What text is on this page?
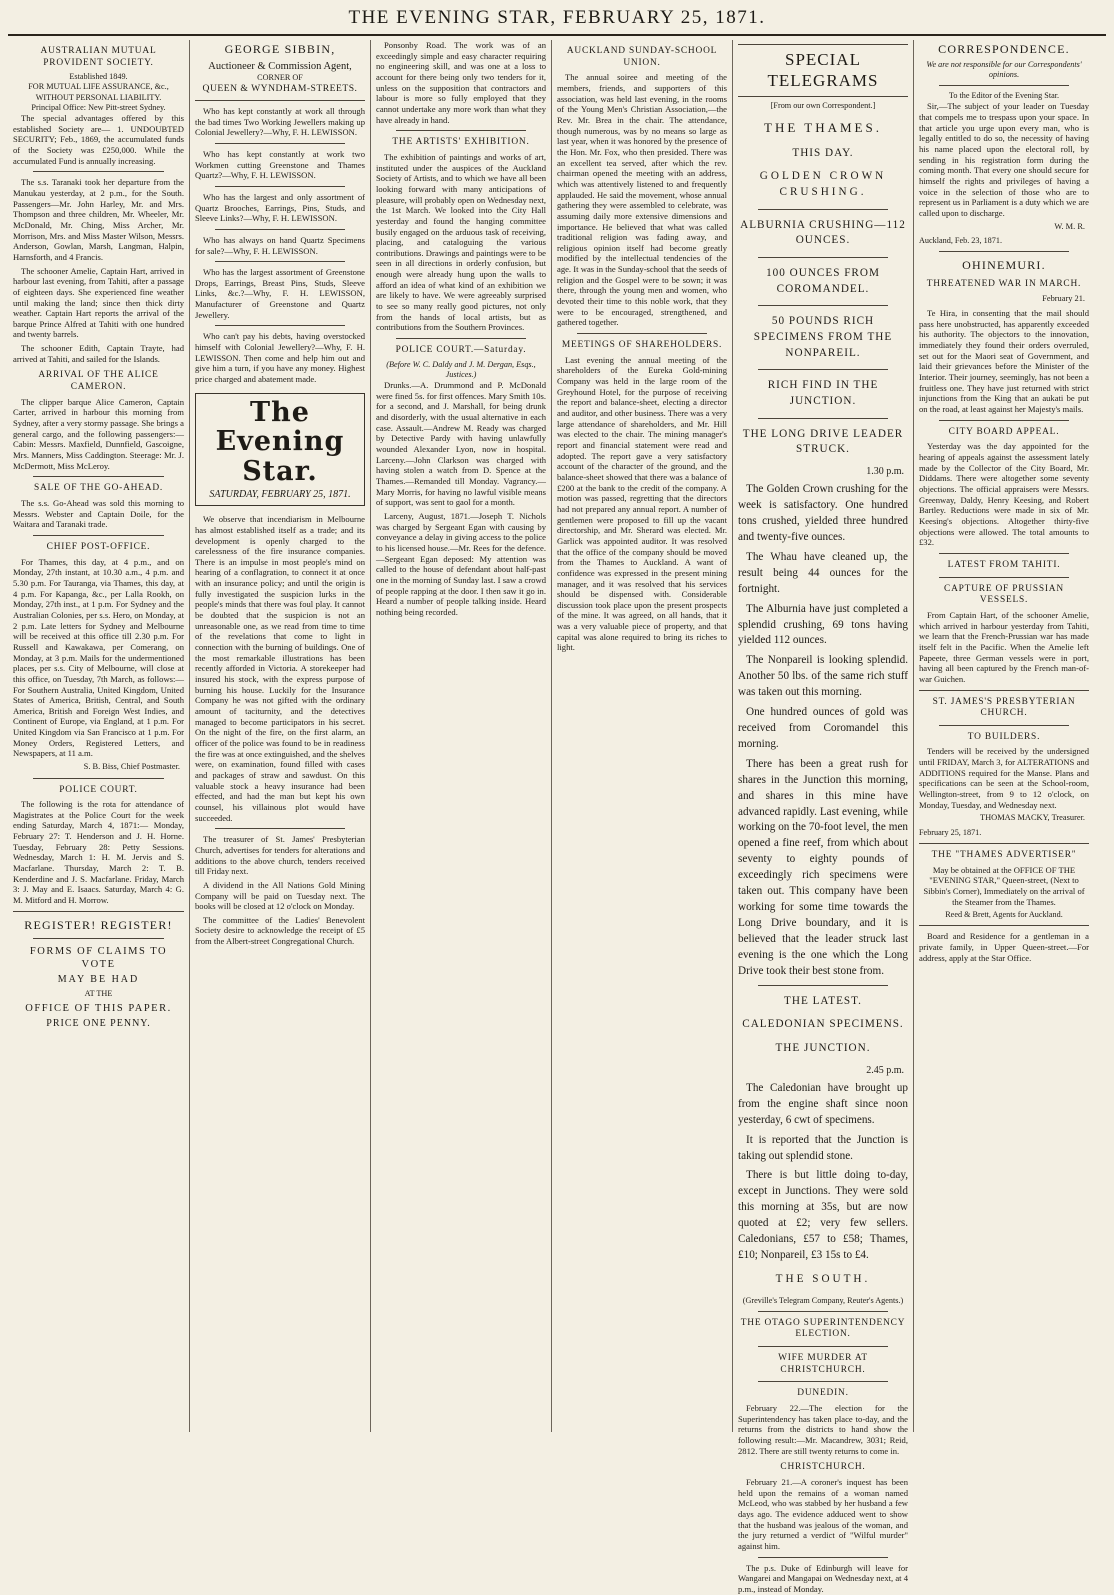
THE EVENING STAR, FEBRUARY 25, 1871.
AUSTRALIAN MUTUAL PROVIDENT SOCIETY.
Established 1849.
FOR MUTUAL LIFE ASSURANCE, &c.,
WITHOUT PERSONAL LIABILITY.
Principal Office: New Pitt-street Sydney.

The special advantages offered by this established Society are— 1. UNDOUBTED SECURITY; Feb., 1869, the accumulated funds of the Society was £250,000. While the accumulated Fund is annually increasing.

The s.s. Taranaki took her departure from the Manukau yesterday, at 2 p.m., for the South. Passengers—Mr. John Harley, Mr. and Mrs. Thompson and three children, Mr. Wheeler, Mr. McDonald, Mr. Ching, Miss Archer, Mr. Morrison, Mrs. and Miss Master Wilson, Messrs. Anderson, Gowlan, Marsh, Langman, Halpin, Harnsforth, and 4 Francis.

The schooner Amelie, Captain Hart, arrived in harbour last evening, from Tahiti, after a passage of eighteen days. She experienced fine weather until making the land; since then thick dirty weather. Captain Hart reports the arrival of the barque Prince Alfred at Tahiti with one hundred and twenty barrels.

The schooner Edith, Captain Trayte, had arrived at Tahiti, and sailed for the Islands.

ARRIVAL OF THE ALICE CAMERON.

The clipper barque Alice Cameron, Captain Carter, arrived in harbour this morning from Sydney, after a very stormy passage. She brings a general cargo, and the following passengers:—Cabin: Messrs. Maxfield, Dunnfield, Gascoigne, Mrs. Manners, Miss Caddington. Steerage: Mr. J. McDermott, Miss McLeroy.

SALE OF THE GO-AHEAD.

The s.s. Go-Ahead was sold this morning to Messrs. Webster and Captain Doile, for the Waitara and Taranaki trade.

CHIEF POST-OFFICE.

For Thames, this day, at 4 p.m., and on Monday, 27th instant, at 10.30 a.m., 4 p.m. and 5.30 p.m. For Tauranga, via Thames, this day, at 4 p.m. For Kapanga, &c., per Lalla Rookh, on Monday, 27th inst., at 1 p.m. For Sydney and the Australian Colonies, per s.s. Hero, on Monday, at 2 p.m. Late letters for Sydney and Melbourne will be received at this office till 2.30 p.m. For Russell and Kawakawa, per Comerang, on Monday, at 3 p.m. Mails for the undermentioned places, per s.s. City of Melbourne, will close at this office, on Tuesday, 7th March, as follows:—For Southern Australia, United Kingdom, United States of America, British, Central, and South America, British and Foreign West Indies, and Continent of Europe, via England, at 1 p.m. For United Kingdom via San Francisco at 1 p.m. For Money Orders, Registered Letters, and Newspapers, at 11 a.m.

S. B. Biss, Chief Postmaster.
POLICE COURT.

The following is the rota for attendance of Magistrates at the Police Court for the week ending Saturday, March 4, 1871:— Monday, February 27: T. Henderson and J. H. Horne. Tuesday, February 28: Petty Sessions. Wednesday, March 1: H. M. Jervis and S. Macfarlane. Thursday, March 2: T. B. Kenderdine and J. S. Macfarlane. Friday, March 3: J. May and E. Isaacs. Saturday, March 4: G. M. Mitford and H. Morrow.

REGISTER! REGISTER!
FORMS OF CLAIMS TO VOTE
MAY BE HAD
AT THE
OFFICE OF THIS PAPER.
PRICE ONE PENNY.
GEORGE SIBBIN,
Auctioneer & Commission Agent,
CORNER OF
QUEEN & WYNDHAM-STREETS.

Who has kept constantly at work all through the bad times Two Working Jewellers making up Colonial Jewellery?—Why, F. H. LEWISSON.

Who has kept constantly at work two Workmen cutting Greenstone and Thames Quartz?—Why, F. H. LEWISSON.

Who has the largest and only assortment of Quartz Brooches, Earrings, Pins, Studs, and Sleeve Links?—Why, F. H. LEWISSON.

Who has always on hand Quartz Specimens for sale?—Why, F. H. LEWISSON.

Who has the largest assortment of Greenstone Drops, Earrings, Breast Pins, Studs, Sleeve Links, &c.?—Why, F. H. LEWISSON, Manufacturer of Greenstone and Quartz Jewellery.

Who can't pay his debts, having overstocked himself with Colonial Jewellery?—Why, F. H. LEWISSON. Then come and help him out and give him a turn, if you have any money. Highest price charged and abatement made.

The Evening Star.
SATURDAY, FEBRUARY 25, 1871.

We observe that incendiarism in Melbourne has almost established itself as a trade; and its development is openly charged to the carelessness of the fire insurance companies. There is an impulse in most people's mind on hearing of a conflagration, to connect it at once with an insurance policy; and until the origin is fully investigated the suspicion lurks in the people's minds that there was foul play. It cannot be doubted that the suspicion is not an unreasonable one, as we read from time to time of the revelations that come to light in connection with the burning of buildings. One of the most remarkable illustrations has been recently afforded in Victoria. A storekeeper had insured his stock, with the express purpose of burning his house. Luckily for the Insurance Company he was not gifted with the ordinary amount of taciturnity, and the detectives managed to become participators in his secret. On the night of the fire, on the first alarm, an officer of the police was found to be in readiness the fire was at once extinguished, and the shelves were, on examination, found filled with cases and packages of straw and sawdust. On this valuable stock a heavy insurance had been effected, and had the man but kept his own counsel, his villainous plot would have succeeded.

The treasurer of St. James' Presbyterian Church, advertises for tenders for alterations and additions to the above church, tenders received till Friday next.

A dividend in the All Nations Gold Mining Company will be paid on Tuesday next. The books will be closed at 12 o'clock on Monday.

The committee of the Ladies' Benevolent Society desire to acknowledge the receipt of £5 from the Albert-street Congregational Church.

Ponsonby Road. The work was of an exceedingly simple and easy character requiring no engineering skill, and was one at a loss to account for there being only two tenders for it, unless on the supposition that contractors and labour is more so fully employed that they cannot undertake any more work than what they have already in hand.

THE ARTISTS' EXHIBITION.

The exhibition of paintings and works of art, instituted under the auspices of the Auckland Society of Artists, and to which we have all been looking forward with many anticipations of pleasure, will probably open on Wednesday next, the 1st March. We looked into the City Hall yesterday and found the hanging committee busily engaged on the arduous task of receiving, placing, and cataloguing the various contributions. Drawings and paintings were to be seen in all directions in orderly confusion, but enough were already hung upon the walls to afford an idea of what kind of an exhibition we are likely to have. We were agreeably surprised to see so many really good pictures, not only from the hands of local artists, but as contributions from the Southern Provinces.

POLICE COURT.—Saturday.
(Before W. C. Daldy and J. M. Dergan, Esqs., Justices.)

Drunks.—A. Drummond and P. McDonald were fined 5s. for first offences. Mary Smith 10s. for a second, and J. Marshall, for being drunk and disorderly, with the usual alternative in each case. Assault.—Andrew M. Ready was charged by Detective Pardy with having unlawfully wounded Alexander Lyon, now in hospital. Larceny.—John Clarkson was charged with having stolen a watch from D. Spence at the Thames.—Remanded till Monday. Vagrancy.—Mary Morris, for having no lawful visible means of support, was sent to gaol for a month.

Larceny, August, 1871.—Joseph T. Nichols was charged by Sergeant Egan with causing by conveyance a delay in giving access to the police to his licensed house.—Mr. Rees for the defence.—Sergeant Egan deposed: My attention was called to the house of defendant about half-past one in the morning of Sunday last. I saw a crowd of people rapping at the door. I then saw it go in. Heard a number of people talking inside. Heard nothing being recorded.

AUCKLAND SUNDAY-SCHOOL UNION.

The annual soiree and meeting of the members, friends, and supporters of this association, was held last evening, in the rooms of the Young Men's Christian Association,—the Rev. Mr. Brea in the chair. The attendance, though numerous, was by no means so large as last year, when it was honored by the presence of the Hon. Mr. Fox, who then presided. There was an excellent tea served, after which the rev. chairman opened the meeting with an address, which was attentively listened to and frequently applauded. He said the movement, whose annual gathering they were assembled to celebrate, was assuming daily more extensive dimensions and importance. He believed that what was called traditional religion was fading away, and religious opinion itself had become greatly modified by the intellectual tendencies of the age. It was in the Sunday-school that the seeds of religion and the Gospel were to be sown; it was there, through the young men and women, who devoted their time to this noble work, that they were to be encouraged, strengthened, and gathered together.

MEETINGS OF SHAREHOLDERS.

Last evening the annual meeting of the shareholders of the Eureka Gold-mining Company was held in the large room of the Greyhound Hotel, for the purpose of receiving the report and balance-sheet, electing a director and auditor, and other business. There was a very large attendance of shareholders, and Mr. Hill was elected to the chair. The mining manager's report and financial statement were read and adopted. The report gave a very satisfactory account of the character of the ground, and the balance-sheet showed that there was a balance of £200 at the bank to the credit of the company. A motion was passed, regretting that the directors had not prepared any annual report. A number of gentlemen were proposed to fill up the vacant directorship, and Mr. Sherard was elected. Mr. Garlick was appointed auditor. It was resolved that the office of the company should be moved from the Thames to Auckland. A want of confidence was expressed in the present mining manager, and it was resolved that his services should be dispensed with. Considerable discussion took place upon the present prospects of the mine. It was agreed, on all hands, that it was a very valuable piece of property, and that capital was alone required to bring its riches to light.

SPECIAL TELEGRAMS
[From our own Correspondent.]
THE THAMES.
THIS DAY.
GOLDEN CROWN CRUSHING.
ALBURNIA CRUSHING—112 OUNCES.
100 OUNCES FROM COROMANDEL.
50 POUNDS RICH SPECIMENS FROM THE NONPAREIL.
RICH FIND IN THE JUNCTION.
THE LONG DRIVE LEADER STRUCK.
1.30 p.m.

The Golden Crown crushing for the week is satisfactory. One hundred tons crushed, yielded three hundred and twenty-five ounces.

The Whau have cleaned up, the result being 44 ounces for the fortnight.

The Alburnia have just completed a splendid crushing, 69 tons having yielded 112 ounces.

The Nonpareil is looking splendid. Another 50 lbs. of the same rich stuff was taken out this morning.

One hundred ounces of gold was received from Coromandel this morning.

There has been a great rush for shares in the Junction this morning, and shares in this mine have advanced rapidly. Last evening, while working on the 70-foot level, the men opened a fine reef, from which about seventy to eighty pounds of exceedingly rich specimens were taken out. This company have been working for some time towards the Long Drive boundary, and it is believed that the leader struck last evening is the one which the Long Drive took their best stone from.

THE LATEST.
CALEDONIAN SPECIMENS.
THE JUNCTION.
2.45 p.m.

The Caledonian have brought up from the engine shaft since noon yesterday, 6 cwt of specimens.

It is reported that the Junction is taking out splendid stone.

There is but little doing to-day, except in Junctions. They were sold this morning at 35s, but are now quoted at £2; very few sellers. Caledonians, £57 to £58; Thames, £10; Nonpareil, £3 15s to £4.

THE SOUTH.
(Greville's Telegram Company, Reuter's Agents.)
THE OTAGO SUPERINTENDENCY ELECTION.
WIFE MURDER AT CHRISTCHURCH.
DUNEDIN.

February 22.—The election for the Superintendency has taken place to-day, and the returns from the districts to hand show the following result:—Mr. Macandrew, 3031; Reid, 2812. There are still twenty returns to come in.

CHRISTCHURCH.

February 21.—A coroner's inquest has been held upon the remains of a woman named McLeod, who was stabbed by her husband a few days ago. The evidence adduced went to show that the husband was jealous of the woman, and the jury returned a verdict of "Wilful murder" against him.

The p.s. Duke of Edinburgh will leave for Wangarei and Mangapai on Wednesday next, at 4 p.m., instead of Monday.

CORRESPONDENCE.
We are not responsible for our Correspondents' opinions.
To the Editor of the Evening Star.

Sir,—The subject of your leader on Tuesday that compels me to trespass upon your space. In that article you urge upon every man, who is legally entitled to do so, the necessity of having his name placed upon the electoral roll, by sending in his registration form during the coming month. That every one should secure for himself the rights and privileges of having a voice in the selection of those who are to represent us in Parliament is a duty which we are called upon to discharge.

W. M. R.
Auckland, Feb. 23, 1871.
OHINEMURI.
THREATENED WAR IN MARCH.
February 21.

Te Hira, in consenting that the mail should pass here unobstructed, has apparently exceeded his authority. The objectors to the innovation, immediately they found their orders overruled, set out for the Maori seat of Government, and laid their grievances before the Minister of the Interior. Their journey, seemingly, has not been a fruitless one. They have just returned with strict injunctions from the King that an aukati be put on the road, at least against her Majesty's mails.

CITY BOARD APPEAL.

Yesterday was the day appointed for the hearing of appeals against the assessment lately made by the Collector of the City Board, Mr. Diddams. There were altogether some seventy objections. The official appraisers were Messrs. Greenway, Daldy, Henry Keesing, and Robert Bartley. Reductions were made in six of Mr. Keesing's objections. Altogether thirty-five objections were allowed. The total amounts to £32.

LATEST FROM TAHITI.
CAPTURE OF PRUSSIAN VESSELS.

From Captain Hart, of the schooner Amelie, which arrived in harbour yesterday from Tahiti, we learn that the French-Prussian war has made itself felt in the Pacific. When the Amelie left Papeete, three German vessels were in port, having all been captured by the French man-of-war Guichen.

ST. JAMES'S PRESBYTERIAN CHURCH.
TO BUILDERS.

Tenders will be received by the undersigned until FRIDAY, March 3, for ALTERATIONS and ADDITIONS required for the Manse. Plans and specifications can be seen at the School-room, Wellington-street, from 9 to 12 o'clock, on Monday, Tuesday, and Wednesday next.

THOMAS MACKY, Treasurer.
February 25, 1871.
THE "THAMES ADVERTISER"

May be obtained at the OFFICE OF THE "EVENING STAR," Queen-street, (Next to Sibbin's Corner), Immediately on the arrival of the Steamer from the Thames.

Reed & Brett, Agents for Auckland.

Board and Residence for a gentleman in a private family, in Upper Queen-street.—For address, apply at the Star Office.
